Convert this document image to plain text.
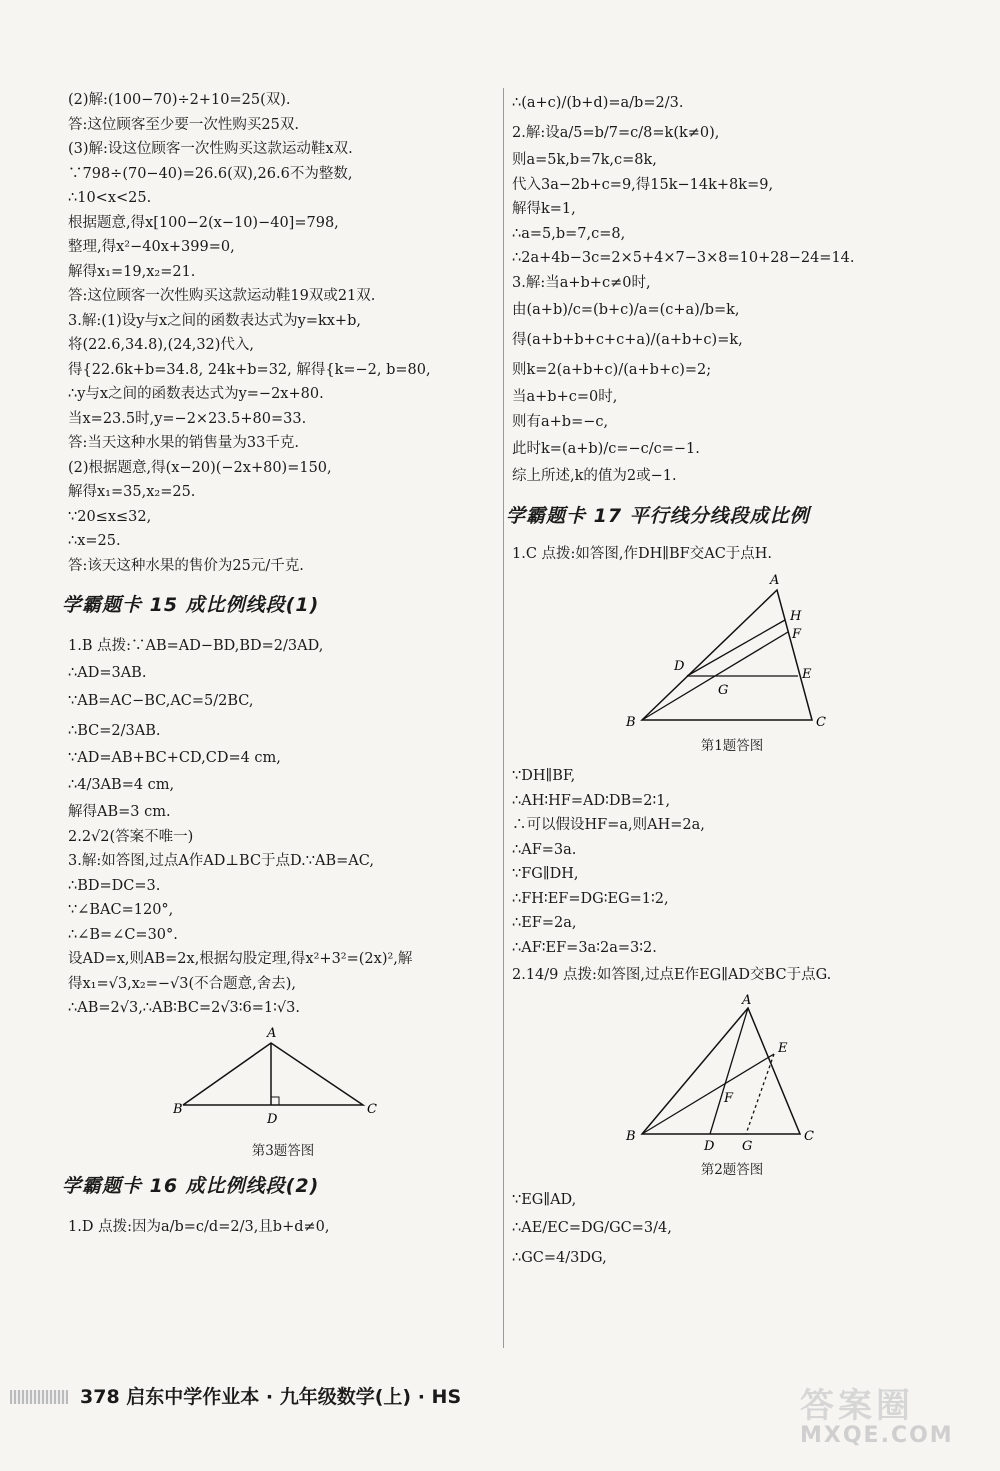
(2)解:(100−70)÷2+10=25(双).
答:这位顾客至少要一次性购买25双.
(3)解:设这位顾客一次性购买这款运动鞋x双.
∵798÷(70−40)=26.6(双),26.6不为整数,
∴10<x<25.
根据题意,得x[100−2(x−10)−40]=798,
整理,得x²−40x+399=0,
解得x₁=19,x₂=21.
答:这位顾客一次性购买这款运动鞋19双或21双.
3.解:(1)设y与x之间的函数表达式为y=kx+b,
将(22.6,34.8),(24,32)代入,
得{22.6k+b=34.8, 24k+b=32, 解得{k=−2, b=80,
∴y与x之间的函数表达式为y=−2x+80.
当x=23.5时,y=−2×23.5+80=33.
答:当天这种水果的销售量为33千克.
(2)根据题意,得(x−20)(−2x+80)=150,
解得x₁=35,x₂=25.
∵20≤x≤32,
∴x=25.
答:该天这种水果的售价为25元/千克.
学霸题卡 15 成比例线段(1)
1.B 点拨:∵AB=AD−BD,BD=2/3AD,
∴AD=3AB.
∵AB=AC−BC,AC=5/2BC,
∴BC=2/3AB.
∵AD=AB+BC+CD,CD=4 cm,
∴4/3AB=4 cm,
解得AB=3 cm.
2.2√2(答案不唯一)
3.解:如答图,过点A作AD⊥BC于点D.∵AB=AC,
∴BD=DC=3.
∵∠BAC=120°,
∴∠B=∠C=30°.
设AD=x,则AB=2x,根据勾股定理,得x²+3²=(2x)²,解
得x₁=√3,x₂=−√3(不合题意,舍去),
∴AB=2√3,∴AB∶BC=2√3∶6=1∶√3.
A
B	C
D
第3题答图
学霸题卡 16 成比例线段(2)
1.D 点拨:因为a/b=c/d=2/3,且b+d≠0,
∴(a+c)/(b+d)=a/b=2/3.
2.解:设a/5=b/7=c/8=k(k≠0),
则a=5k,b=7k,c=8k,
代入3a−2b+c=9,得15k−14k+8k=9,
解得k=1,
∴a=5,b=7,c=8,
∴2a+4b−3c=2×5+4×7−3×8=10+28−24=14.
3.解:当a+b+c≠0时,
由(a+b)/c=(b+c)/a=(c+a)/b=k,
得(a+b+b+c+c+a)/(a+b+c)=k,
则k=2(a+b+c)/(a+b+c)=2;
当a+b+c=0时,
则有a+b=−c,
此时k=(a+b)/c=−c/c=−1.
综上所述,k的值为2或−1.
学霸题卡 17 平行线分线段成比例
1.C 点拨:如答图,作DH∥BF交AC于点H.
A
H
F
D
E
G
B	C
第1题答图
∵DH∥BF,
∴AH∶HF=AD∶DB=2∶1,
∴可以假设HF=a,则AH=2a,
∴AF=3a.
∵FG∥DH,
∴FH∶EF=DG∶EG=1∶2,
∴EF=2a,
∴AF∶EF=3a∶2a=3∶2.
2.14/9 点拨:如答图,过点E作EG∥AD交BC于点G.
A
E
F
B
D G
C
第2题答图
∵EG∥AD,
∴AE/EC=DG/GC=3/4,
∴GC=4/3DG,
378 启东中学作业本 · 九年级数学(上) · HS	答案圈
MXQE.COM
